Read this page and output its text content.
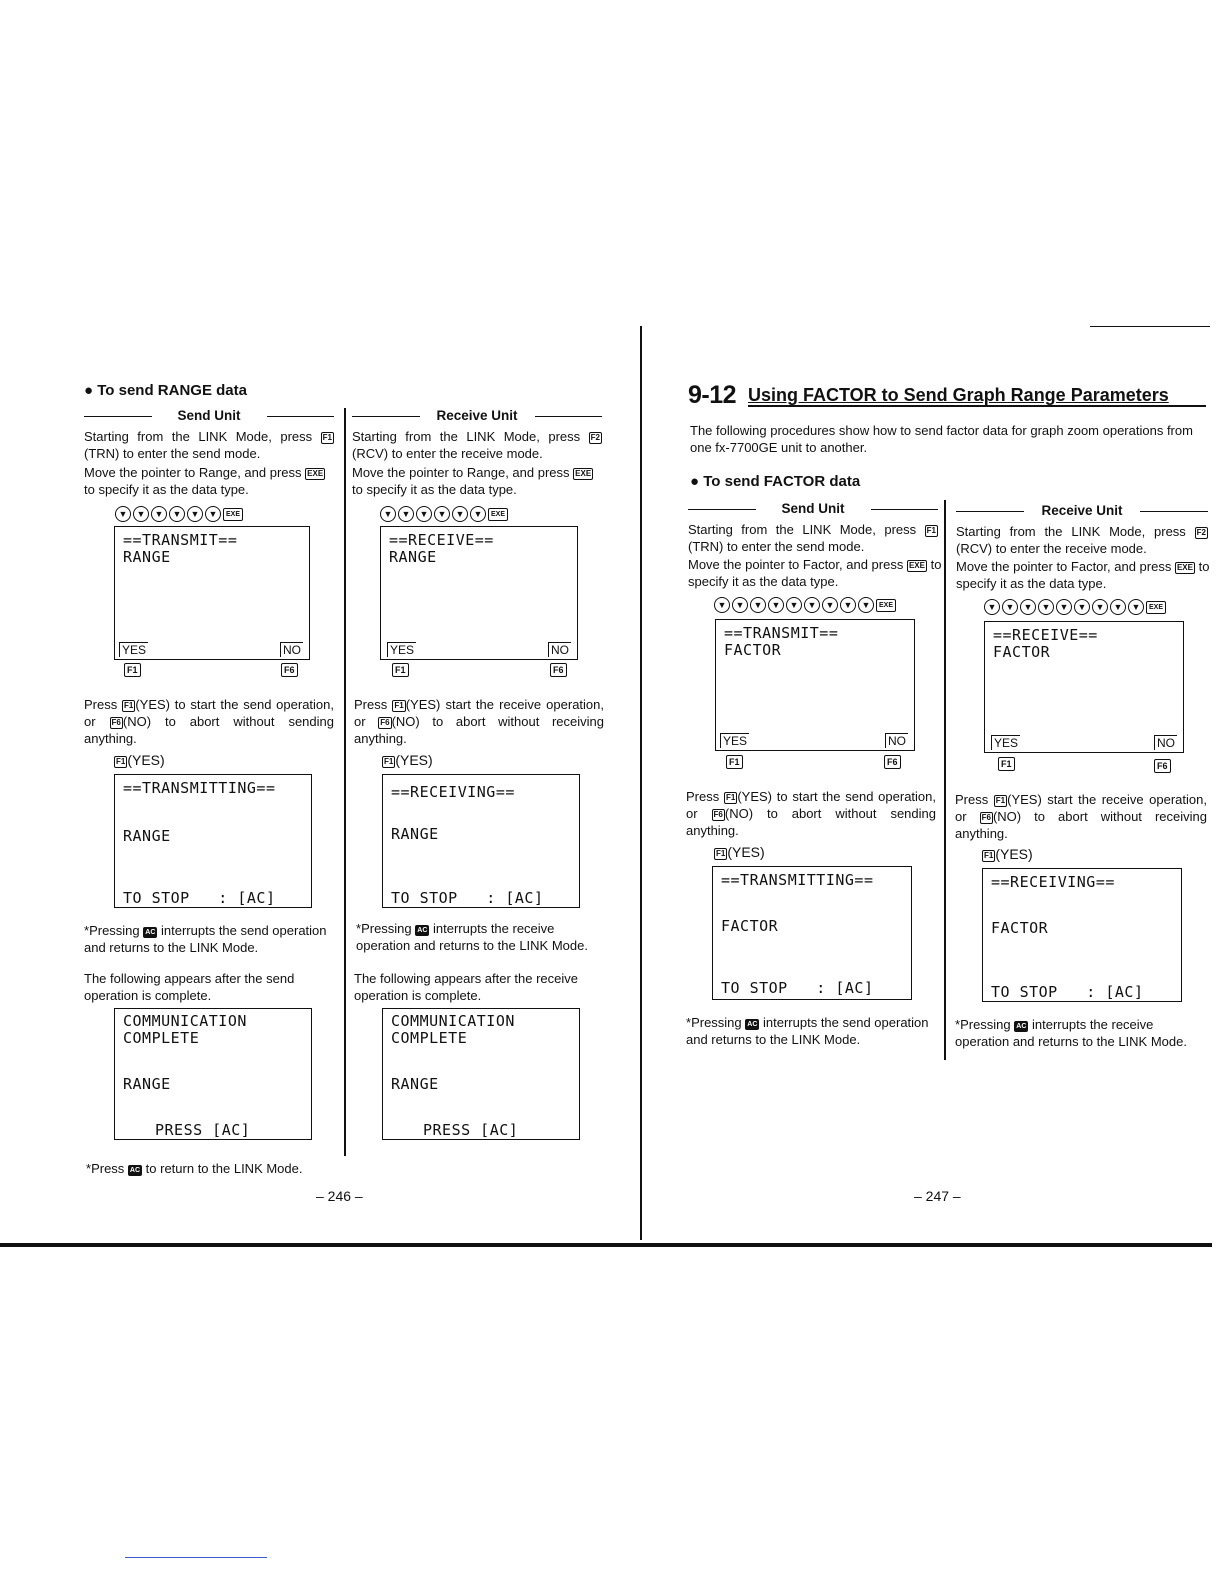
● To send RANGE data
Send Unit

Starting from the LINK Mode, press F1(TRN) to enter the send mode.

Move the pointer to Range, and press EXE to specify it as the data type.

▼	▼	▼	▼	▼	▼	EXE
==TRANSMIT==
RANGE
YES	NO
F1	F6

Press F1 (YES) to start the send operation, or F6 (NO) to abort without sending anything.

F1 (YES)
==TRANSMITTING==
RANGE
TO STOP   : [AC]

*Pressing AC interrupts the send operation and returns to the LINK Mode.

The following appears after the send operation is complete.

COMMUNICATION
COMPLETE
RANGE
PRESS [AC]

*Press AC to return to the LINK Mode.

Receive Unit

Starting from the LINK Mode, press F2(RCV) to enter the receive mode.

Move the pointer to Range, and press EXE to specify it as the data type.

▼	▼	▼	▼	▼	▼	EXE
==RECEIVE==
RANGE
YES	NO
F1	F6

Press F1 (YES) start the receive operation, or F6 (NO) to abort without receiving anything.

F1 (YES)
==RECEIVING==
RANGE
TO STOP   : [AC]

*Pressing AC interrupts the receive operation and returns to the LINK Mode.

The following appears after the receive operation is complete.

COMMUNICATION
COMPLETE
RANGE
PRESS [AC]
– 246 –
9-12 Using FACTOR to Send Graph Range Parameters

The following procedures show how to send factor data for graph zoom operations from one fx-7700GE unit to another.

● To send FACTOR data
Send Unit

Starting from the LINK Mode, press F1(TRN) to enter the send mode.

Move the pointer to Factor, and press EXE to specify it as the data type.

▼	▼	▼	▼	▼	▼	▼	▼	▼	EXE
==TRANSMIT==
FACTOR
YES	NO
F1	F6

Press F1 (YES) to start the send operation, or F6 (NO) to abort without sending anything.

F1 (YES)
==TRANSMITTING==
FACTOR
TO STOP   : [AC]

*Pressing AC interrupts the send operation and returns to the LINK Mode.

Receive Unit

Starting from the LINK Mode, press F2(RCV) to enter the receive mode.

Move the pointer to Factor, and press EXE to specify it as the data type.

▼	▼	▼	▼	▼	▼	▼	▼	▼	EXE
==RECEIVE==
FACTOR
YES	NO
F1	F6

Press F1 (YES) start the receive operation, or F6 (NO) to abort without receiving anything.

F1 (YES)
==RECEIVING==
FACTOR
TO STOP   : [AC]

*Pressing AC interrupts the receive operation and returns to the LINK Mode.

– 247 –
